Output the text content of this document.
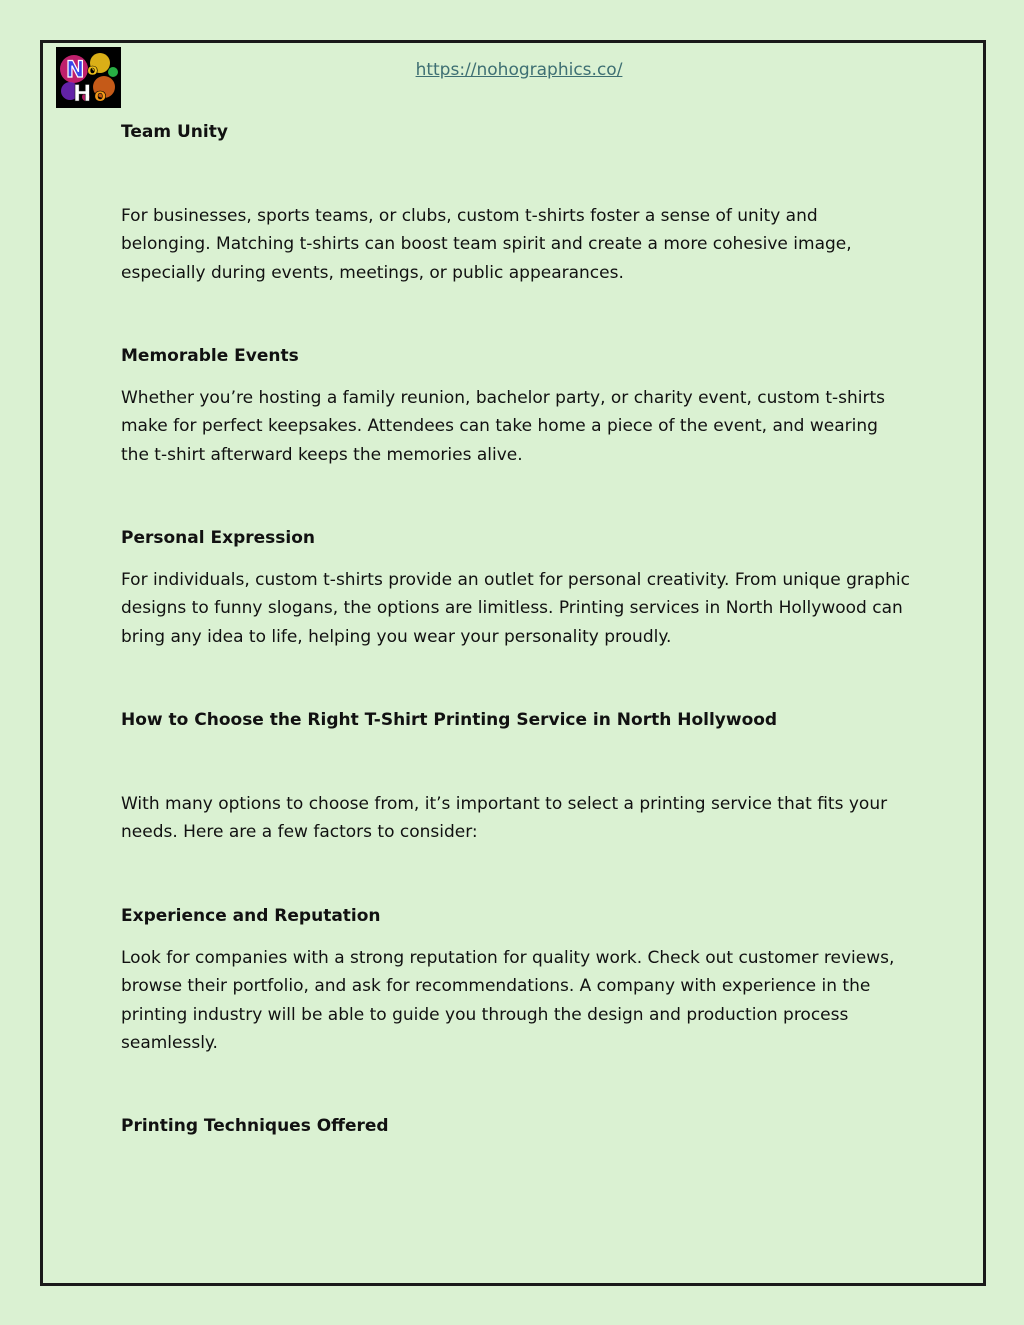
N o
H o
https://nohographics.co/
Team Unity

For businesses, sports teams, or clubs, custom t-shirts foster a sense of unity and belonging. Matching t-shirts can boost team spirit and create a more cohesive image, especially during events, meetings, or public appearances.

Memorable Events

Whether you’re hosting a family reunion, bachelor party, or charity event, custom t-shirts make for perfect keepsakes. Attendees can take home a piece of the event, and wearing the t-shirt afterward keeps the memories alive.

Personal Expression

For individuals, custom t-shirts provide an outlet for personal creativity. From unique graphic designs to funny slogans, the options are limitless. Printing services in North Hollywood can bring any idea to life, helping you wear your personality proudly.

How to Choose the Right T-Shirt Printing Service in North Hollywood

With many options to choose from, it’s important to select a printing service that fits your needs. Here are a few factors to consider:

Experience and Reputation

Look for companies with a strong reputation for quality work. Check out customer reviews, browse their portfolio, and ask for recommendations. A company with experience in the printing industry will be able to guide you through the design and production process seamlessly.

Printing Techniques Offered
